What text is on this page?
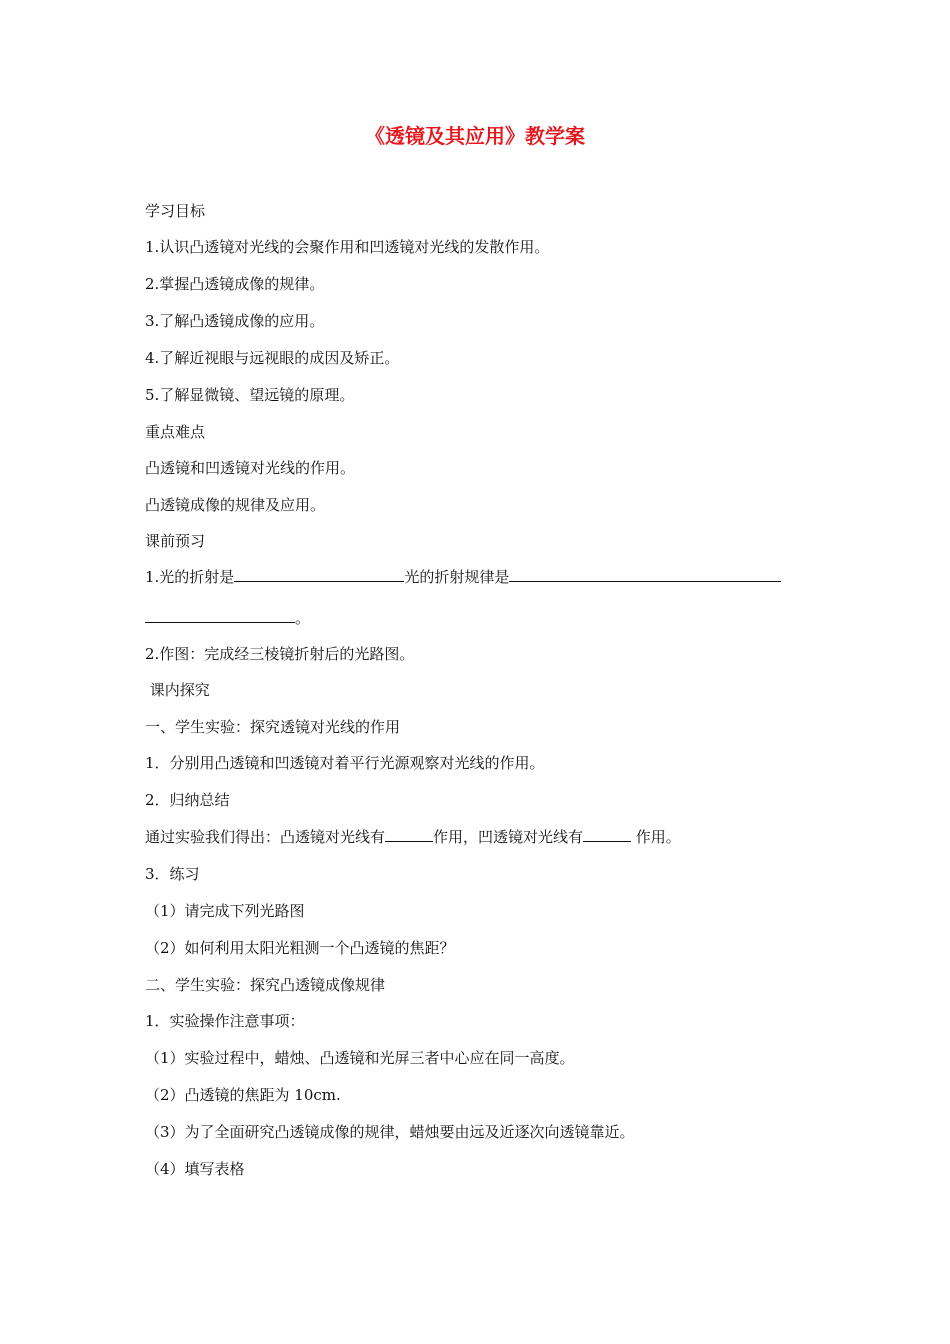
《透镜及其应用》教学案
学习目标
1.认识凸透镜对光线的会聚作用和凹透镜对光线的发散作用。
2.掌握凸透镜成像的规律。
3.了解凸透镜成像的应用。
4.了解近视眼与远视眼的成因及矫正。
5.了解显微镜、望远镜的原理。
重点难点
凸透镜和凹透镜对光线的作用。
凸透镜成像的规律及应用。
课前预习
1.光的折射是	光的折射规律是
。
2.作图：完成经三棱镜折射后的光路图。
课内探究
一、学生实验：探究透镜对光线的作用
1．分别用凸透镜和凹透镜对着平行光源观察对光线的作用。
2．归纳总结
通过实验我们得出：凸透镜对光线有	作用，凹透镜对光线有	作用。
3．练习
（1）请完成下列光路图
（2）如何利用太阳光粗测一个凸透镜的焦距？
二、学生实验：探究凸透镜成像规律
1．实验操作注意事项：
（1）实验过程中，蜡烛、凸透镜和光屏三者中心应在同一高度。
（2）凸透镜的焦距为 10cm.
（3）为了全面研究凸透镜成像的规律，蜡烛要由远及近逐次向透镜靠近。
（4）填写表格
